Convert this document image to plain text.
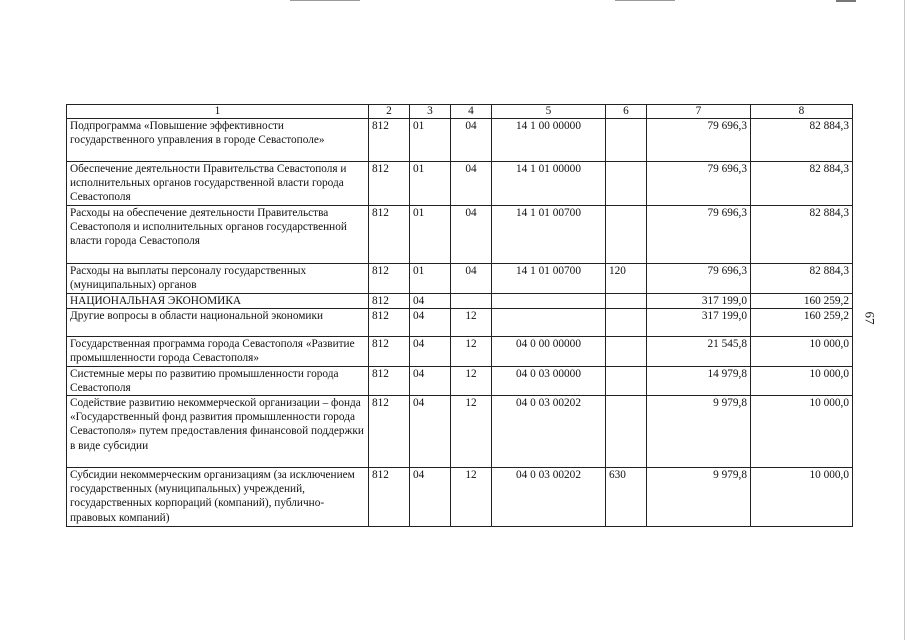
1	2	3	4	5	6	7	8
Подпрограмма «Повышение эффективности государственного управления в городе Севастополе»	812	01	04	14 1 00 00000		79 696,3	82 884,3
Обеспечение деятельности Правительства Севастополя и исполнительных органов государственной власти города Севастополя	812	01	04	14 1 01 00000		79 696,3	82 884,3
Расходы на обеспечение деятельности Правительства Севастополя и исполнительных органов государственной власти города Севастополя	812	01	04	14 1 01 00700		79 696,3	82 884,3
Расходы на выплаты персоналу государственных (муниципальных) органов	812	01	04	14 1 01 00700	120	79 696,3	82 884,3
НАЦИОНАЛЬНАЯ ЭКОНОМИКА	812	04				317 199,0	160 259,2
Другие вопросы в области национальной экономики	812	04	12			317 199,0	160 259,2
Государственная программа города Севастополя «Развитие промышленности города Севастополя»	812	04	12	04 0 00 00000		21 545,8	10 000,0
Системные меры по развитию промышленности города Севастополя	812	04	12	04 0 03 00000		14 979,8	10 000,0
Содействие развитию некоммерческой организации – фонда «Государственный фонд развития промышленности города Севастополя» путем предоставления финансовой поддержки в виде субсидии	812	04	12	04 0 03 00202		9 979,8	10 000,0
Субсидии некоммерческим организациям (за исключением государственных (муниципальных) учреждений, государственных корпораций (компаний), публично-правовых компаний)	812	04	12	04 0 03 00202	630	9 979,8	10 000,0
67
